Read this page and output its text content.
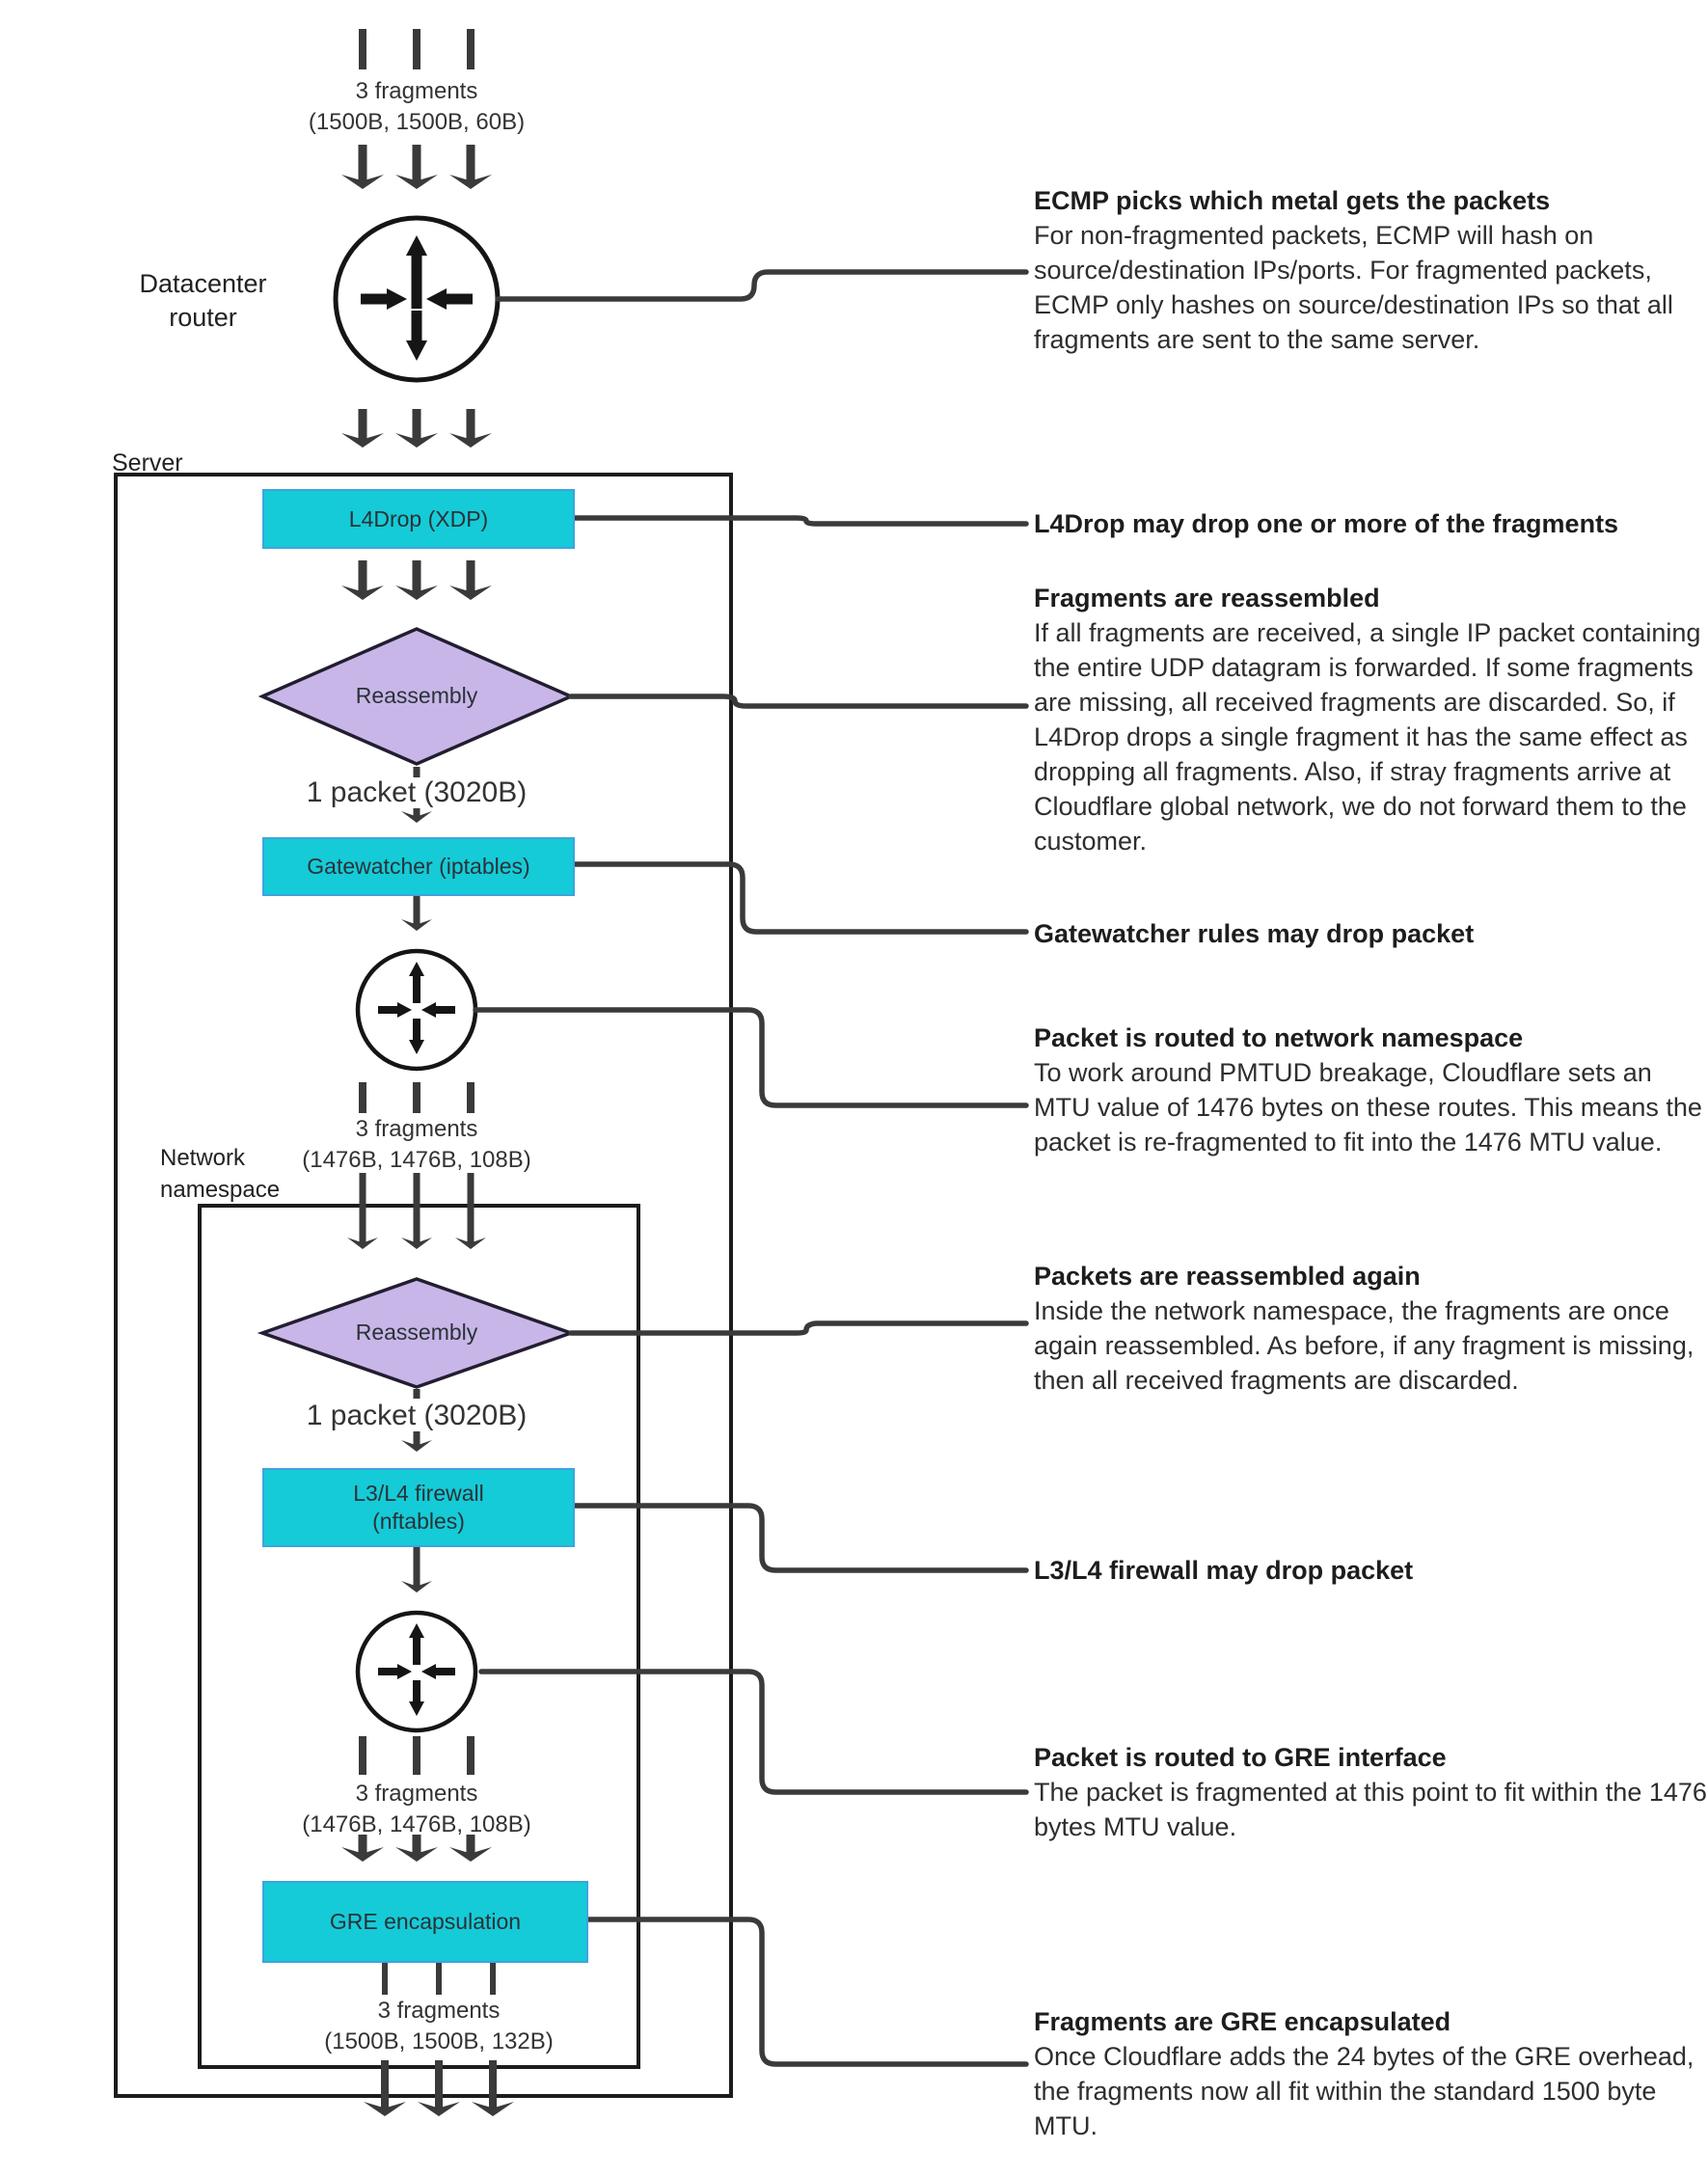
Datacenter router
Server
Network namespace
3 fragments
(1500B, 1500B, 60B)
1 packet (3020B)
3 fragments
(1476B, 1476B, 108B)
1 packet (3020B)
3 fragments
(1476B, 1476B, 108B)
3 fragments
(1500B, 1500B, 132B)
L4Drop (XDP)
Reassembly
Gatewatcher (iptables)
Reassembly
L3/L4 firewall
(nftables)
GRE encapsulation
ECMP picks which metal gets the packets
For non-fragmented packets, ECMP will hash on source/destination IPs/ports. For fragmented packets, ECMP only hashes on source/destination IPs so that all fragments are sent to the same server.
L4Drop may drop one or more of the fragments
Fragments are reassembled
If all fragments are received, a single IP packet containing the entire UDP datagram is forwarded. If some fragments are missing, all received fragments are discarded. So, if L4Drop drops a single fragment it has the same effect as dropping all fragments. Also, if stray fragments arrive at Cloudflare global network, we do not forward them to the customer.
Gatewatcher rules may drop packet
Packet is routed to network namespace
To work around PMTUD breakage, Cloudflare sets an MTU value of 1476 bytes on these routes. This means the packet is re-fragmented to fit into the 1476 MTU value.
Packets are reassembled again
Inside the network namespace, the fragments are once again reassembled. As before, if any fragment is missing, then all received fragments are discarded.
L3/L4 firewall may drop packet
Packet is routed to GRE interface
The packet is fragmented at this point to fit within the 1476 bytes MTU value.
Fragments are GRE encapsulated
Once Cloudflare adds the 24 bytes of the GRE overhead, the fragments now all fit within the standard 1500 byte MTU.
